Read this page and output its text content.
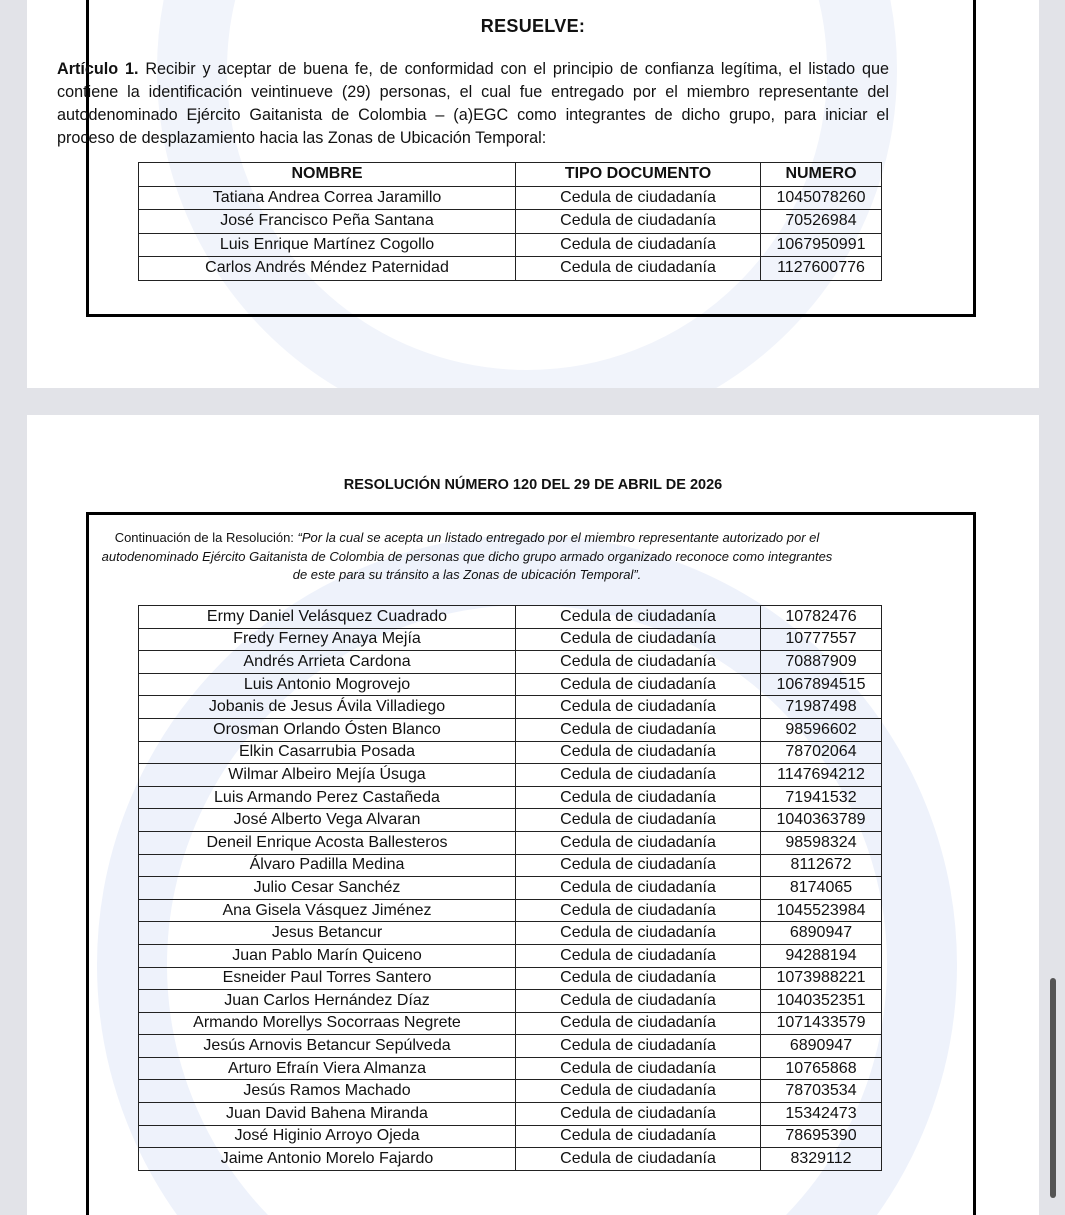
RESUELVE:
Artículo 1. Recibir y aceptar de buena fe, de conformidad con el principio de confianza legítima, el listado que contiene la identificación veintinueve (29) personas, el cual fue entregado por el miembro representante del autodenominado Ejército Gaitanista de Colombia – (a)EGC como integrantes de dicho grupo, para iniciar el proceso de desplazamiento hacia las Zonas de Ubicación Temporal:
NOMBRE	TIPO DOCUMENTO	NUMERO
Tatiana Andrea Correa Jaramillo	Cedula de ciudadanía	1045078260
José Francisco Peña Santana	Cedula de ciudadanía	70526984
Luis Enrique Martínez Cogollo	Cedula de ciudadanía	1067950991
Carlos Andrés Méndez Paternidad	Cedula de ciudadanía	1127600776
RESOLUCIÓN NÚMERO 120 DEL 29 DE ABRIL DE 2026
Continuación de la Resolución: “Por la cual se acepta un listado entregado por el miembro representante autorizado por el autodenominado Ejército Gaitanista de Colombia de personas que dicho grupo armado organizado reconoce como integrantes de este para su tránsito a las Zonas de ubicación Temporal”.
Ermy Daniel Velásquez Cuadrado	Cedula de ciudadanía	10782476
Fredy Ferney Anaya Mejía	Cedula de ciudadanía	10777557
Andrés Arrieta Cardona	Cedula de ciudadanía	70887909
Luis Antonio Mogrovejo	Cedula de ciudadanía	1067894515
Jobanis de Jesus Ávila Villadiego	Cedula de ciudadanía	71987498
Orosman Orlando Ósten Blanco	Cedula de ciudadanía	98596602
Elkin Casarrubia Posada	Cedula de ciudadanía	78702064
Wilmar Albeiro Mejía Úsuga	Cedula de ciudadanía	1147694212
Luis Armando Perez Castañeda	Cedula de ciudadanía	71941532
José Alberto Vega Alvaran	Cedula de ciudadanía	1040363789
Deneil Enrique Acosta Ballesteros	Cedula de ciudadanía	98598324
Álvaro Padilla Medina	Cedula de ciudadanía	8112672
Julio Cesar Sanchéz	Cedula de ciudadanía	8174065
Ana Gisela Vásquez Jiménez	Cedula de ciudadanía	1045523984
Jesus Betancur	Cedula de ciudadanía	6890947
Juan Pablo Marín Quiceno	Cedula de ciudadanía	94288194
Esneider Paul Torres Santero	Cedula de ciudadanía	1073988221
Juan Carlos Hernández Díaz	Cedula de ciudadanía	1040352351
Armando Morellys Socorraas Negrete	Cedula de ciudadanía	1071433579
Jesús Arnovis Betancur Sepúlveda	Cedula de ciudadanía	6890947
Arturo Efraín Viera Almanza	Cedula de ciudadanía	10765868
Jesús Ramos Machado	Cedula de ciudadanía	78703534
Juan David Bahena Miranda	Cedula de ciudadanía	15342473
José Higinio Arroyo Ojeda	Cedula de ciudadanía	78695390
Jaime Antonio Morelo Fajardo	Cedula de ciudadanía	8329112
